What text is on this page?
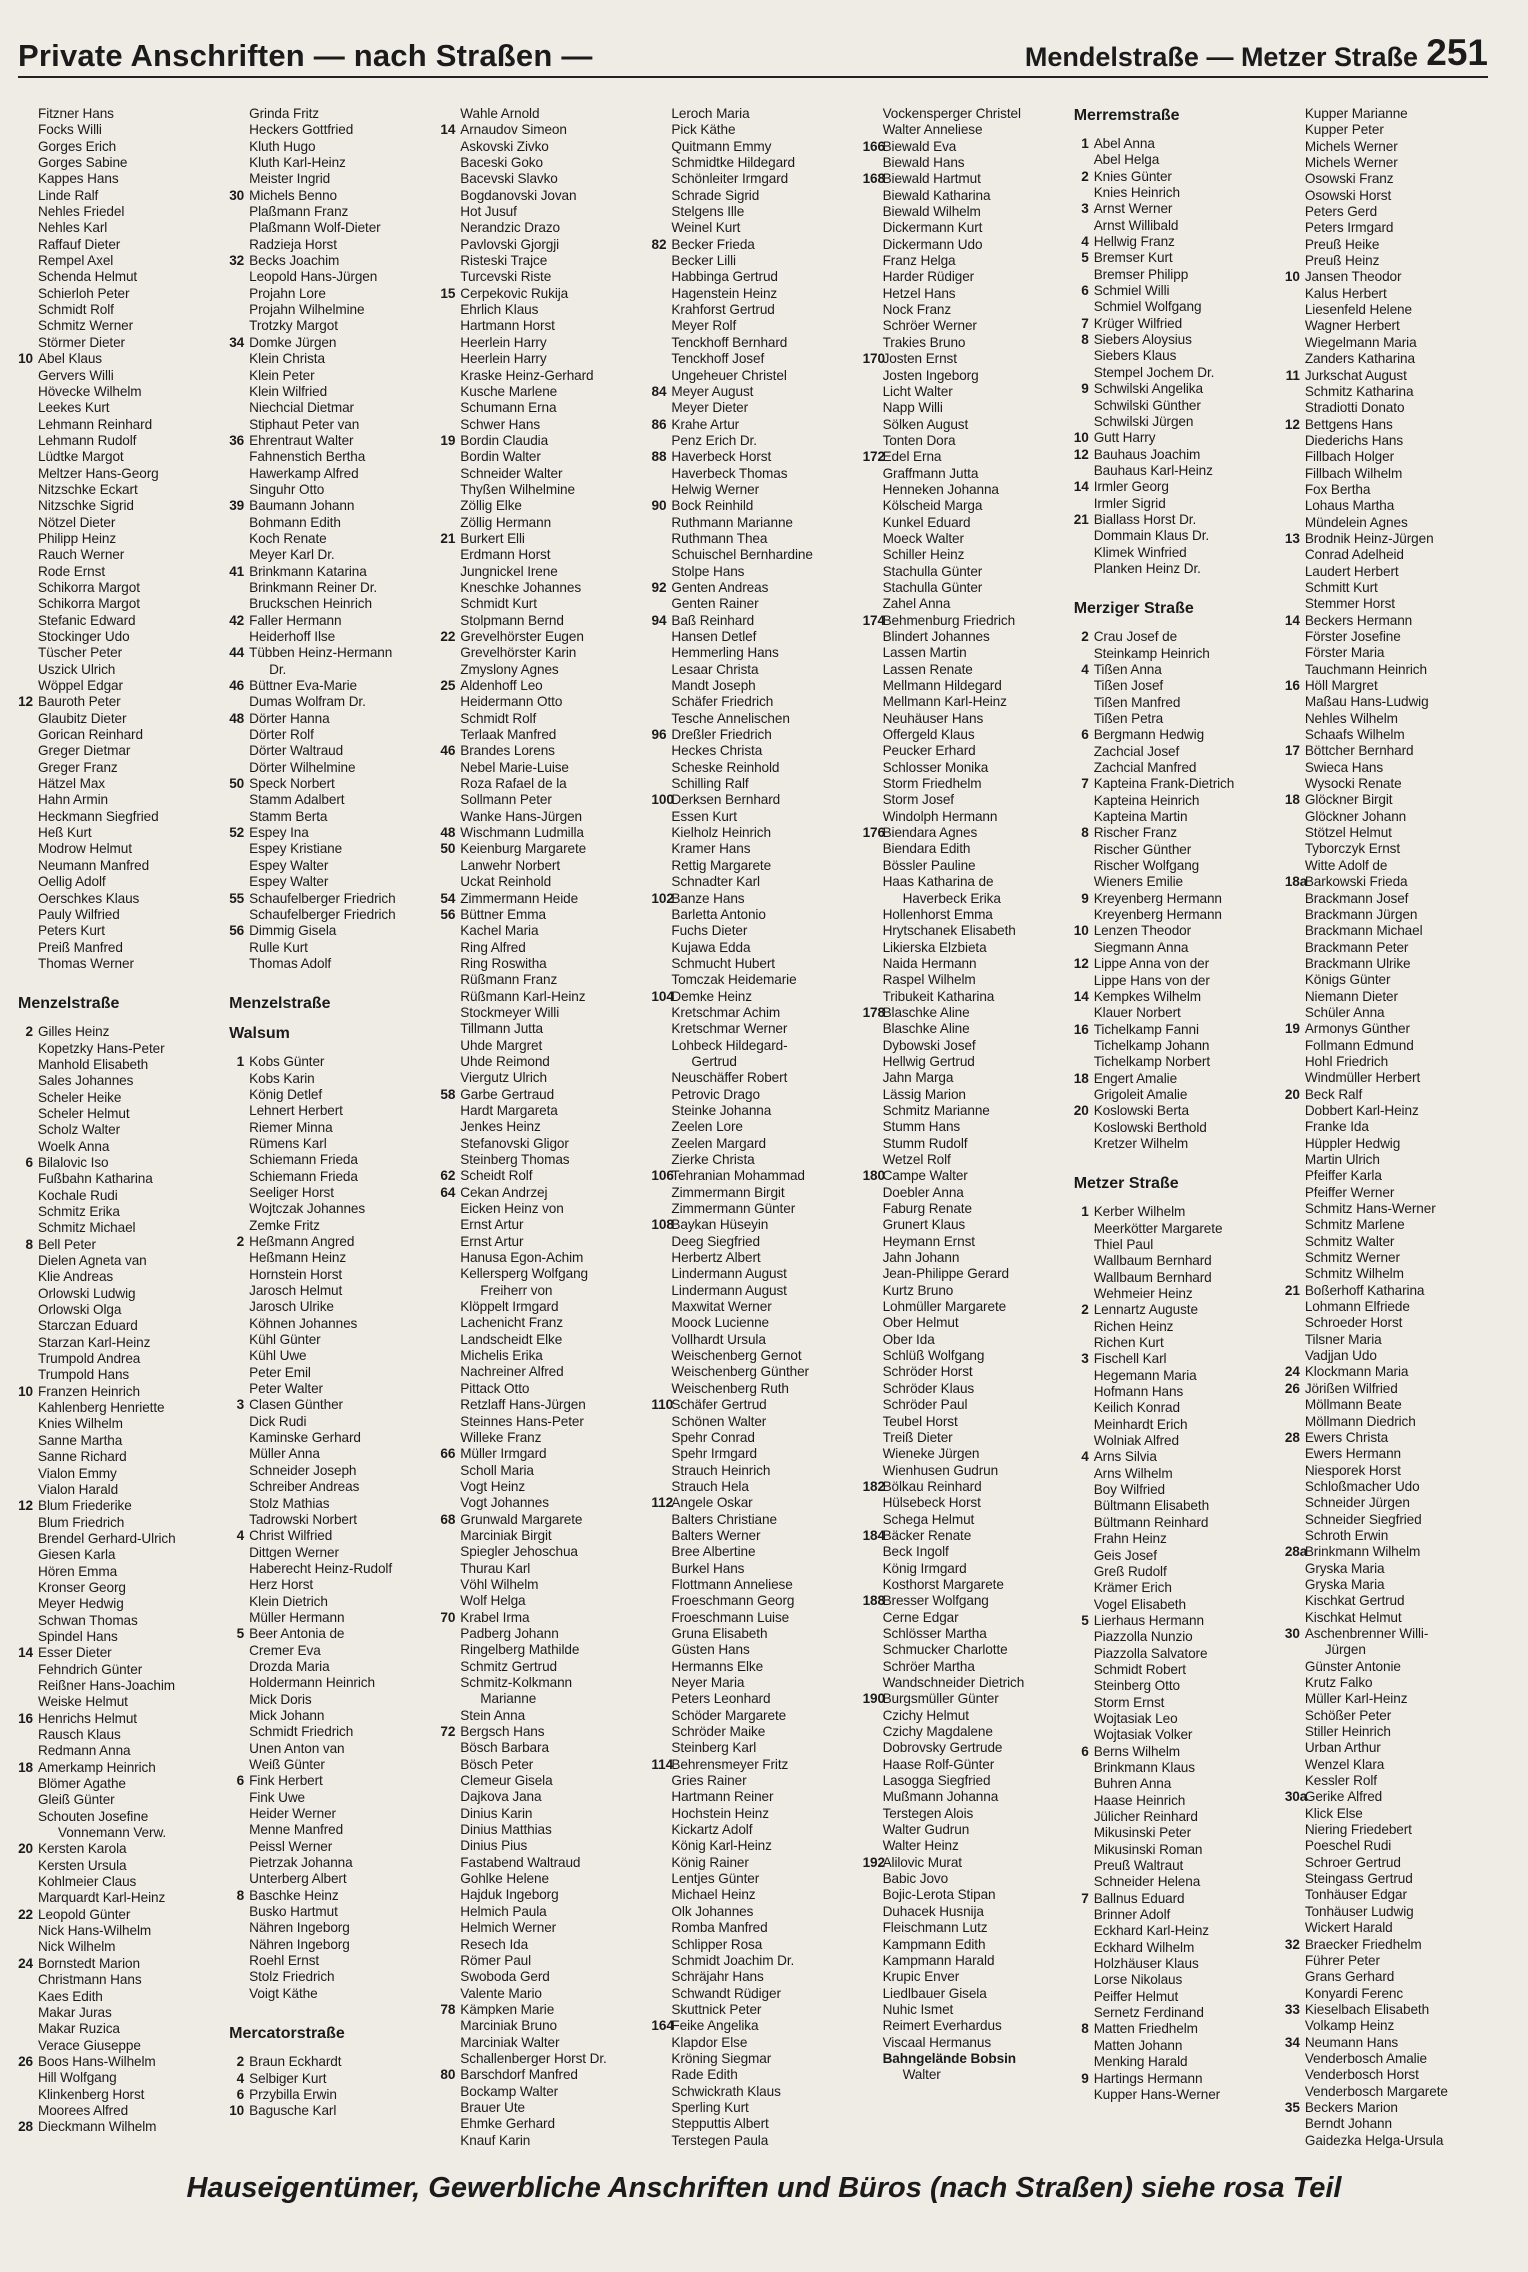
Private Anschriften — nach Straßen —	Mendelstraße — Metzer Straße 251
Fitzner Hans
Focks Willi
Gorges Erich
Gorges Sabine
Kappes Hans
Linde Ralf
Nehles Friedel
Nehles Karl
Raffauf Dieter
Rempel Axel
Schenda Helmut
Schierloh Peter
Schmidt Rolf
Schmitz Werner
Störmer Dieter
10 Abel Klaus
Gervers Willi
Hövecke Wilhelm
Leekes Kurt
Lehmann Reinhard
Lehmann Rudolf
Lüdtke Margot
Meltzer Hans-Georg
Nitzschke Eckart
Nitzschke Sigrid
Nötzel Dieter
Philipp Heinz
Rauch Werner
Rode Ernst
Schikorra Margot
Schikorra Margot
Stefanic Edward
Stockinger Udo
Tüscher Peter
Uszick Ulrich
Wöppel Edgar
12 Bauroth Peter
Glaubitz Dieter
Gorican Reinhard
Greger Dietmar
Greger Franz
Hätzel Max
Hahn Armin
Heckmann Siegfried
Heß Kurt
Modrow Helmut
Neumann Manfred
Oellig Adolf
Oerschkes Klaus
Pauly Wilfried
Peters Kurt
Preiß Manfred
Thomas Werner
Menzelstraße
2 Gilles Heinz
Kopetzky Hans-Peter
Manhold Elisabeth
Sales Johannes
Scheler Heike
Scheler Helmut
Scholz Walter
Woelk Anna
6 Bilalovic Iso
Fußbahn Katharina
Kochale Rudi
Schmitz Erika
Schmitz Michael
8 Bell Peter
Dielen Agneta van
Klie Andreas
Orlowski Ludwig
Orlowski Olga
Starczan Eduard
Starzan Karl-Heinz
Trumpold Andrea
Trumpold Hans
10 Franzen Heinrich
Kahlenberg Henriette
Knies Wilhelm
Sanne Martha
Sanne Richard
Vialon Emmy
Vialon Harald
12 Blum Friederike
Blum Friedrich
Brendel Gerhard-Ulrich
Giesen Karla
Hören Emma
Kronser Georg
Meyer Hedwig
Schwan Thomas
Spindel Hans
14 Esser Dieter
Fehndrich Günter
Reißner Hans-Joachim
Weiske Helmut
16 Henrichs Helmut
Rausch Klaus
Redmann Anna
18 Amerkamp Heinrich
Blömer Agathe
Gleiß Günter
Schouten Josefine
Vonnemann Verw.
20 Kersten Karola
Kersten Ursula
Kohlmeier Claus
Marquardt Karl-Heinz
22 Leopold Günter
Nick Hans-Wilhelm
Nick Wilhelm
24 Bornstedt Marion
Christmann Hans
Kaes Edith
Makar Juras
Makar Ruzica
Verace Giuseppe
26 Boos Hans-Wilhelm
Hill Wolfgang
Klinkenberg Horst
Moorees Alfred
28 Dieckmann Wilhelm
Grinda Fritz
Heckers Gottfried
Kluth Hugo
Kluth Karl-Heinz
Meister Ingrid
30 Michels Benno
Plaßmann Franz
Plaßmann Wolf-Dieter
Radzieja Horst
32 Becks Joachim
Leopold Hans-Jürgen
Projahn Lore
Projahn Wilhelmine
Trotzky Margot
34 Domke Jürgen
Klein Christa
Klein Peter
Klein Wilfried
Niechcial Dietmar
Stiphaut Peter van
36 Ehrentraut Walter
Fahnenstich Bertha
Hawerkamp Alfred
Singuhr Otto
39 Baumann Johann
Bohmann Edith
Koch Renate
Meyer Karl Dr.
41 Brinkmann Katarina
Brinkmann Reiner Dr.
Bruckschen Heinrich
42 Faller Hermann
Heiderhoff Ilse
44 Tübben Heinz-Hermann
Dr.
46 Büttner Eva-Marie
Dumas Wolfram Dr.
48 Dörter Hanna
Dörter Rolf
Dörter Waltraud
Dörter Wilhelmine
50 Speck Norbert
Stamm Adalbert
Stamm Berta
52 Espey Ina
Espey Kristiane
Espey Walter
Espey Walter
55 Schaufelberger Friedrich
Schaufelberger Friedrich
56 Dimmig Gisela
Rulle Kurt
Thomas Adolf
Menzelstraße
Walsum
1 Kobs Günter
Kobs Karin
König Detlef
Lehnert Herbert
Riemer Minna
Rümens Karl
Schiemann Frieda
Schiemann Frieda
Seeliger Horst
Wojtczak Johannes
Zemke Fritz
2 Heßmann Angred
Heßmann Heinz
Hornstein Horst
Jarosch Helmut
Jarosch Ulrike
Köhnen Johannes
Kühl Günter
Kühl Uwe
Peter Emil
Peter Walter
3 Clasen Günther
Dick Rudi
Kaminske Gerhard
Müller Anna
Schneider Joseph
Schreiber Andreas
Stolz Mathias
Tadrowski Norbert
4 Christ Wilfried
Dittgen Werner
Haberecht Heinz-Rudolf
Herz Horst
Klein Dietrich
Müller Hermann
5 Beer Antonia de
Cremer Eva
Drozda Maria
Holdermann Heinrich
Mick Doris
Mick Johann
Schmidt Friedrich
Unen Anton van
Weiß Günter
6 Fink Herbert
Fink Uwe
Heider Werner
Menne Manfred
Peissl Werner
Pietrzak Johanna
Unterberg Albert
8 Baschke Heinz
Busko Hartmut
Nähren Ingeborg
Nähren Ingeborg
Roehl Ernst
Stolz Friedrich
Voigt Käthe
Mercatorstraße
2 Braun Eckhardt
4 Selbiger Kurt
6 Przybilla Erwin
10 Bagusche Karl
Wahle Arnold
14 Arnaudov Simeon
Askovski Zivko
Baceski Goko
Bacevski Slavko
Bogdanovski Jovan
Hot Jusuf
Nerandzic Drazo
Pavlovski Gjorgji
Risteski Trajce
Turcevski Riste
15 Cerpekovic Rukija
Ehrlich Klaus
Hartmann Horst
Heerlein Harry
Heerlein Harry
Kraske Heinz-Gerhard
Kusche Marlene
Schumann Erna
Schwer Hans
19 Bordin Claudia
Bordin Walter
Schneider Walter
Thyßen Wilhelmine
Zöllig Elke
Zöllig Hermann
21 Burkert Elli
Erdmann Horst
Jungnickel Irene
Kneschke Johannes
Schmidt Kurt
Stolpmann Bernd
22 Grevelhörster Eugen
Grevelhörster Karin
Zmyslony Agnes
25 Aldenhoff Leo
Heidermann Otto
Schmidt Rolf
Terlaak Manfred
46 Brandes Lorens
Nebel Marie-Luise
Roza Rafael de la
Sollmann Peter
Wanke Hans-Jürgen
48 Wischmann Ludmilla
50 Keienburg Margarete
Lanwehr Norbert
Uckat Reinhold
54 Zimmermann Heide
56 Büttner Emma
Kachel Maria
Ring Alfred
Ring Roswitha
Rüßmann Franz
Rüßmann Karl-Heinz
Stockmeyer Willi
Tillmann Jutta
Uhde Margret
Uhde Reimond
Viergutz Ulrich
58 Garbe Gertraud
Hardt Margareta
Jenkes Heinz
Stefanovski Gligor
Steinberg Thomas
62 Scheidt Rolf
64 Cekan Andrzej
Eicken Heinz von
Ernst Artur
Ernst Artur
Hanusa Egon-Achim
Kellersperg Wolfgang
Freiherr von
Klöppelt Irmgard
Lachenicht Franz
Landscheidt Elke
Michelis Erika
Nachreiner Alfred
Pittack Otto
Retzlaff Hans-Jürgen
Steinnes Hans-Peter
Willeke Franz
66 Müller Irmgard
Scholl Maria
Vogt Heinz
Vogt Johannes
68 Grunwald Margarete
Marciniak Birgit
Spiegler Jehoschua
Thurau Karl
Vöhl Wilhelm
Wolf Helga
70 Krabel Irma
Padberg Johann
Ringelberg Mathilde
Schmitz Gertrud
Schmitz-Kolkmann
Marianne
Stein Anna
72 Bergsch Hans
Bösch Barbara
Bösch Peter
Clemeur Gisela
Dajkova Jana
Dinius Karin
Dinius Matthias
Dinius Pius
Fastabend Waltraud
Gohlke Helene
Hajduk Ingeborg
Helmich Paula
Helmich Werner
Resech Ida
Römer Paul
Swoboda Gerd
Valente Mario
78 Kämpken Marie
Marciniak Bruno
Marciniak Walter
Schallenberger Horst Dr.
80 Barschdorf Manfred
Bockamp Walter
Brauer Ute
Ehmke Gerhard
Knauf Karin
Leroch Maria
Pick Käthe
Quitmann Emmy
Schmidtke Hildegard
Schönleiter Irmgard
Schrade Sigrid
Stelgens Ille
Weinel Kurt
82 Becker Frieda
Becker Lilli
Habbinga Gertrud
Hagenstein Heinz
Krahforst Gertrud
Meyer Rolf
Tenckhoff Bernhard
Tenckhoff Josef
Ungeheuer Christel
84 Meyer August
Meyer Dieter
86 Krahe Artur
Penz Erich Dr.
88 Haverbeck Horst
Haverbeck Thomas
Helwig Werner
90 Bock Reinhild
Ruthmann Marianne
Ruthmann Thea
Schuischel Bernhardine
Stolpe Hans
92 Genten Andreas
Genten Rainer
94 Baß Reinhard
Hansen Detlef
Hemmerling Hans
Lesaar Christa
Mandt Joseph
Schäfer Friedrich
Tesche Annelischen
96 Dreßler Friedrich
Heckes Christa
Scheske Reinhold
Schilling Ralf
100Derksen Bernhard
Essen Kurt
Kielholz Heinrich
Kramer Hans
Rettig Margarete
Schnadter Karl
102Banze Hans
Barletta Antonio
Fuchs Dieter
Kujawa Edda
Schmucht Hubert
Tomczak Heidemarie
104Demke Heinz
Kretschmar Achim
Kretschmar Werner
Lohbeck Hildegard-
Gertrud
Neuschäffer Robert
Petrovic Drago
Steinke Johanna
Zeelen Lore
Zeelen Margard
Zierke Christa
106Tehranian Mohammad
Zimmermann Birgit
Zimmermann Günter
108Baykan Hüseyin
Deeg Siegfried
Herbertz Albert
Lindermann August
Lindermann August
Maxwitat Werner
Moock Lucienne
Vollhardt Ursula
Weischenberg Gernot
Weischenberg Günther
Weischenberg Ruth
110Schäfer Gertrud
Schönen Walter
Spehr Conrad
Spehr Irmgard
Strauch Heinrich
Strauch Hela
112Angele Oskar
Balters Christiane
Balters Werner
Bree Albertine
Burkel Hans
Flottmann Anneliese
Froeschmann Georg
Froeschmann Luise
Gruna Elisabeth
Güsten Hans
Hermanns Elke
Neyer Maria
Peters Leonhard
Schöder Margarete
Schröder Maike
Steinberg Karl
114Behrensmeyer Fritz
Gries Rainer
Hartmann Reiner
Hochstein Heinz
Kickartz Adolf
König Karl-Heinz
König Rainer
Lentjes Günter
Michael Heinz
Olk Johannes
Romba Manfred
Schlipper Rosa
Schmidt Joachim Dr.
Schräjahr Hans
Schwandt Rüdiger
Skuttnick Peter
164Feike Angelika
Klapdor Else
Kröning Siegmar
Rade Edith
Schwickrath Klaus
Sperling Kurt
Stepputtis Albert
Terstegen Paula
Vockensperger Christel
Walter Anneliese
166Biewald Eva
Biewald Hans
168Biewald Hartmut
Biewald Katharina
Biewald Wilhelm
Dickermann Kurt
Dickermann Udo
Franz Helga
Harder Rüdiger
Hetzel Hans
Nock Franz
Schröer Werner
Trakies Bruno
170Josten Ernst
Josten Ingeborg
Licht Walter
Napp Willi
Sölken August
Tonten Dora
172Edel Erna
Graffmann Jutta
Henneken Johanna
Kölscheid Marga
Kunkel Eduard
Moeck Walter
Schiller Heinz
Stachulla Günter
Stachulla Günter
Zahel Anna
174Behmenburg Friedrich
Blindert Johannes
Lassen Martin
Lassen Renate
Mellmann Hildegard
Mellmann Karl-Heinz
Neuhäuser Hans
Offergeld Klaus
Peucker Erhard
Schlosser Monika
Storm Friedhelm
Storm Josef
Windolph Hermann
176Biendara Agnes
Biendara Edith
Bössler Pauline
Haas Katharina de
Haverbeck Erika
Hollenhorst Emma
Hrytschanek Elisabeth
Likierska Elzbieta
Naida Hermann
Raspel Wilhelm
Tribukeit Katharina
178Blaschke Aline
Blaschke Aline
Dybowski Josef
Hellwig Gertrud
Jahn Marga
Lässig Marion
Schmitz Marianne
Stumm Hans
Stumm Rudolf
Wetzel Rolf
180Campe Walter
Doebler Anna
Faburg Renate
Grunert Klaus
Heymann Ernst
Jahn Johann
Jean-Philippe Gerard
Kurtz Bruno
Lohmüller Margarete
Ober Helmut
Ober Ida
Schlüß Wolfgang
Schröder Horst
Schröder Klaus
Schröder Paul
Teubel Horst
Treiß Dieter
Wieneke Jürgen
Wienhusen Gudrun
182Bölkau Reinhard
Hülsebeck Horst
Schega Helmut
184Bäcker Renate
Beck Ingolf
König Irmgard
Kosthorst Margarete
188Bresser Wolfgang
Cerne Edgar
Schlösser Martha
Schmucker Charlotte
Schröer Martha
Wandschneider Dietrich
190Burgsmüller Günter
Czichy Helmut
Czichy Magdalene
Dobrovsky Gertrude
Haase Rolf-Günter
Lasogga Siegfried
Mußmann Johanna
Terstegen Alois
Walter Gudrun
Walter Heinz
192Alilovic Murat
Babic Jovo
Bojic-Lerota Stipan
Duhacek Husnija
Fleischmann Lutz
Kampmann Edith
Kampmann Harald
Krupic Enver
Liedlbauer Gisela
Nuhic Ismet
Reimert Everhardus
Viscaal Hermanus
Bahngelände Bobsin
Walter
Merremstraße
1 Abel Anna
Abel Helga
2 Knies Günter
Knies Heinrich
3 Arnst Werner
Arnst Willibald
4 Hellwig Franz
5 Bremser Kurt
Bremser Philipp
6 Schmiel Willi
Schmiel Wolfgang
7 Krüger Wilfried
8 Siebers Aloysius
Siebers Klaus
Stempel Jochem Dr.
9 Schwilski Angelika
Schwilski Günther
Schwilski Jürgen
10 Gutt Harry
12 Bauhaus Joachim
Bauhaus Karl-Heinz
14 Irmler Georg
Irmler Sigrid
21 Biallass Horst Dr.
Dommain Klaus Dr.
Klimek Winfried
Planken Heinz Dr.
Merziger Straße
2 Crau Josef de
Steinkamp Heinrich
4 Tißen Anna
Tißen Josef
Tißen Manfred
Tißen Petra
6 Bergmann Hedwig
Zachcial Josef
Zachcial Manfred
7 Kapteina Frank-Dietrich
Kapteina Heinrich
Kapteina Martin
8 Rischer Franz
Rischer Günther
Rischer Wolfgang
Wieners Emilie
9 Kreyenberg Hermann
Kreyenberg Hermann
10 Lenzen Theodor
Siegmann Anna
12 Lippe Anna von der
Lippe Hans von der
14 Kempkes Wilhelm
Klauer Norbert
16 Tichelkamp Fanni
Tichelkamp Johann
Tichelkamp Norbert
18 Engert Amalie
Grigoleit Amalie
20 Koslowski Berta
Koslowski Berthold
Kretzer Wilhelm
Metzer Straße
1 Kerber Wilhelm
Meerkötter Margarete
Thiel Paul
Wallbaum Bernhard
Wallbaum Bernhard
Wehmeier Heinz
2 Lennartz Auguste
Richen Heinz
Richen Kurt
3 Fischell Karl
Hegemann Maria
Hofmann Hans
Keilich Konrad
Meinhardt Erich
Wolniak Alfred
4 Arns Silvia
Arns Wilhelm
Boy Wilfried
Bültmann Elisabeth
Bültmann Reinhard
Frahn Heinz
Geis Josef
Greß Rudolf
Krämer Erich
Vogel Elisabeth
5 Lierhaus Hermann
Piazzolla Nunzio
Piazzolla Salvatore
Schmidt Robert
Steinberg Otto
Storm Ernst
Wojtasiak Leo
Wojtasiak Volker
6 Berns Wilhelm
Brinkmann Klaus
Buhren Anna
Haase Heinrich
Jülicher Reinhard
Mikusinski Peter
Mikusinski Roman
Preuß Waltraut
Schneider Helena
7 Ballnus Eduard
Brinner Adolf
Eckhard Karl-Heinz
Eckhard Wilhelm
Holzhäuser Klaus
Lorse Nikolaus
Peiffer Helmut
Sernetz Ferdinand
8 Matten Friedhelm
Matten Johann
Menking Harald
9 Hartings Hermann
Kupper Hans-Werner
Kupper Marianne
Kupper Peter
Michels Werner
Michels Werner
Osowski Franz
Osowski Horst
Peters Gerd
Peters Irmgard
Preuß Heike
Preuß Heinz
10 Jansen Theodor
Kalus Herbert
Liesenfeld Helene
Wagner Herbert
Wiegelmann Maria
Zanders Katharina
11 Jurkschat August
Schmitz Katharina
Stradiotti Donato
12 Bettgens Hans
Diederichs Hans
Fillbach Holger
Fillbach Wilhelm
Fox Bertha
Lohaus Martha
Mündelein Agnes
13 Brodnik Heinz-Jürgen
Conrad Adelheid
Laudert Herbert
Schmitt Kurt
Stemmer Horst
14 Beckers Hermann
Förster Josefine
Förster Maria
Tauchmann Heinrich
16 Höll Margret
Maßau Hans-Ludwig
Nehles Wilhelm
Schaafs Wilhelm
17 Böttcher Bernhard
Swieca Hans
Wysocki Renate
18 Glöckner Birgit
Glöckner Johann
Stötzel Helmut
Tyborczyk Ernst
Witte Adolf de
18aBarkowski Frieda
Brackmann Josef
Brackmann Jürgen
Brackmann Michael
Brackmann Peter
Brackmann Ulrike
Königs Günter
Niemann Dieter
Schüler Anna
19 Armonys Günther
Follmann Edmund
Hohl Friedrich
Windmüller Herbert
20 Beck Ralf
Dobbert Karl-Heinz
Franke Ida
Hüppler Hedwig
Martin Ulrich
Pfeiffer Karla
Pfeiffer Werner
Schmitz Hans-Werner
Schmitz Marlene
Schmitz Walter
Schmitz Werner
Schmitz Wilhelm
21 Boßerhoff Katharina
Lohmann Elfriede
Schroeder Horst
Tilsner Maria
Vadjjan Udo
24 Klockmann Maria
26 Jörißen Wilfried
Möllmann Beate
Möllmann Diedrich
28 Ewers Christa
Ewers Hermann
Niesporek Horst
Schloßmacher Udo
Schneider Jürgen
Schneider Siegfried
Schroth Erwin
28aBrinkmann Wilhelm
Gryska Maria
Gryska Maria
Kischkat Gertrud
Kischkat Helmut
30 Aschenbrenner Willi-
Jürgen
Günster Antonie
Krutz Falko
Müller Karl-Heinz
Schößer Peter
Stiller Heinrich
Urban Arthur
Wenzel Klara
Kessler Rolf
30aGerike Alfred
Klick Else
Niering Friedebert
Poeschel Rudi
Schroer Gertrud
Steingass Gertrud
Tonhäuser Edgar
Tonhäuser Ludwig
Wickert Harald
32 Braecker Friedhelm
Führer Peter
Grans Gerhard
Konyardi Ferenc
33 Kieselbach Elisabeth
Volkamp Heinz
34 Neumann Hans
Venderbosch Amalie
Venderbosch Horst
Venderbosch Margarete
35 Beckers Marion
Berndt Johann
Gaidezka Helga-Ursula
Hauseigentümer, Gewerbliche Anschriften und Büros (nach Straßen) siehe rosa Teil
